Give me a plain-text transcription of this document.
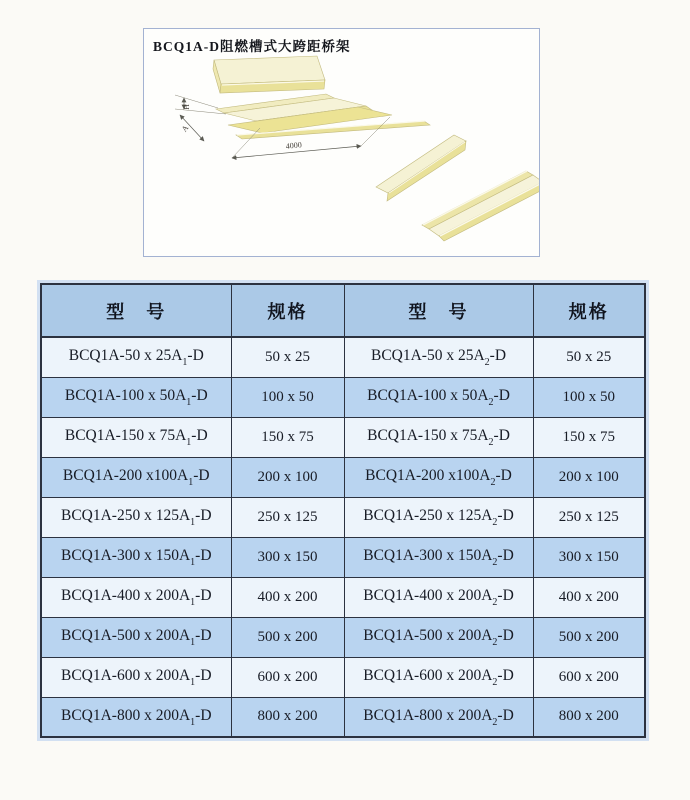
H
A
4000
BCQ1A-D阻燃槽式大跨距桥架
型　号	规格	型　号	规格
BCQ1A-50 x $25A_1-D$	50 x 25	BCQ1A-50 x $25A_2-D$	50 x 25
BCQ1A-100 x $50A_1-D$	100 x 50	BCQ1A-100 x $50A_2-D$	100 x 50
BCQ1A-150 x $75A_1-D$	150 x 75	BCQ1A-150 x $75A_2-D$	150 x 75
BCQ1A-200 $x100A_1-D$	200 x 100	BCQ1A-200 $x100A_2-D$	200 x 100
BCQ1A-250 x $125A_1-D$	250 x 125	BCQ1A-250 x $125A_2-D$	250 x 125
BCQ1A-300 x $150A_1-D$	300 x 150	BCQ1A-300 x $150A_2-D$	300 x 150
BCQ1A-400 x $200A_1-D$	400 x 200	BCQ1A-400 x $200A_2-D$	400 x 200
BCQ1A-500 x $200A_1-D$	500 x 200	BCQ1A-500 x $200A_2-D$	500 x 200
BCQ1A-600 x $200A_1-D$	600 x 200	BCQ1A-600 x $200A_2-D$	600 x 200
BCQ1A-800 x $200A_1-D$	800 x 200	BCQ1A-800 x $200A_2-D$	800 x 200
